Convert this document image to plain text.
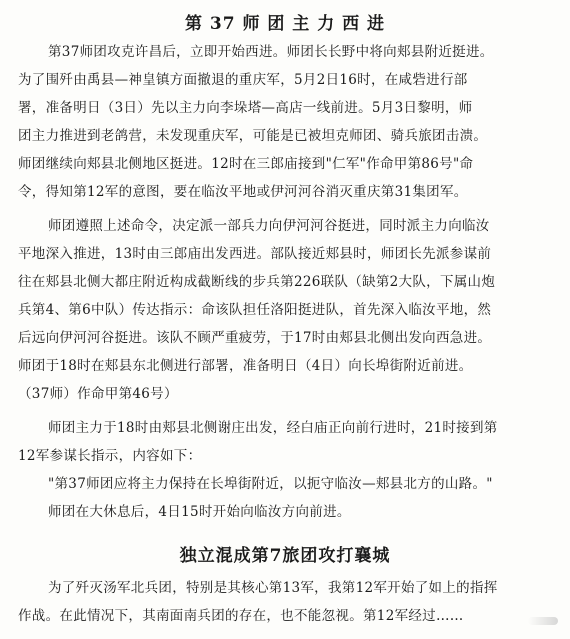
第 37 师 团 主 力 西 进
第37师团攻克许昌后，立即开始西进。师团长长野中将向郏县附近挺进。
为了围歼由禹县—神皇镇方面撤退的重庆军，5月2日16时，在咸砦进行部
署，准备明日（3日）先以主力向李垛塔—高店一线前进。5月3日黎明，师
团主力推进到老鸽营，未发现重庆军，可能是已被坦克师团、骑兵旅团击溃。
师团继续向郏县北侧地区挺进。12时在三郎庙接到"仁军"作命甲第86号"命
令，得知第12军的意图，要在临汝平地或伊河河谷消灭重庆第31集团军。
师团遵照上述命令，决定派一部兵力向伊河河谷挺进，同时派主力向临汝
平地深入推进，13时由三郎庙出发西进。部队接近郏县时，师团长先派参谋前
往在郏县北侧大都庄附近构成截断线的步兵第226联队（缺第2大队，下属山炮
兵第4、第6中队）传达指示：命该队担任洛阳挺进队，首先深入临汝平地，然
后远向伊河河谷挺进。该队不顾严重疲劳，于17时由郏县北侧出发向西急进。
师团于18时在郏县东北侧进行部署，准备明日（4日）向长埠街附近前进。
（37师）作命甲第46号）
师团主力于18时由郏县北侧谢庄出发，经白庙正向前行进时，21时接到第
12军参谋长指示，内容如下：
"第37师团应将主力保持在长埠街附近，以扼守临汝—郏县北方的山路。"
师团在大休息后，4日15时开始向临汝方向前进。
独立混成第7旅团攻打襄城
为了歼灭汤军北兵团，特别是其核心第13军，我第12军开始了如上的指挥
作战。在此情况下，其南面南兵团的存在，也不能忽视。第12军经过……
